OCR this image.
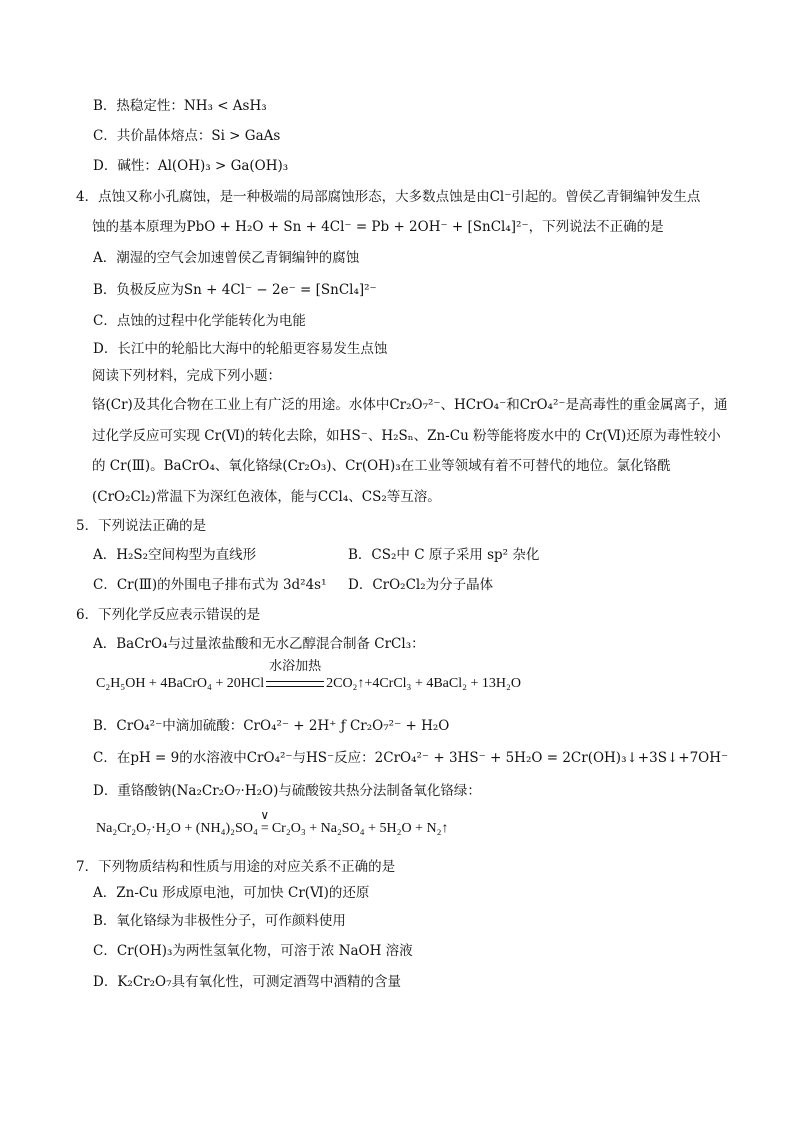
B．热稳定性：NH₃ < AsH₃
C．共价晶体熔点：Si > GaAs
D．碱性：Al(OH)₃ > Ga(OH)₃
4．点蚀又称小孔腐蚀，是一种极端的局部腐蚀形态，大多数点蚀是由Cl⁻引起的。曾侯乙青铜编钟发生点
蚀的基本原理为PbO + H₂O + Sn + 4Cl⁻ = Pb + 2OH⁻ + [SnCl₄]²⁻，下列说法不正确的是
A．潮湿的空气会加速曾侯乙青铜编钟的腐蚀
B．负极反应为Sn + 4Cl⁻ − 2e⁻ = [SnCl₄]²⁻
C．点蚀的过程中化学能转化为电能
D．长江中的轮船比大海中的轮船更容易发生点蚀
阅读下列材料，完成下列小题：
铬(Cr)及其化合物在工业上有广泛的用途。水体中Cr₂O₇²⁻、HCrO₄⁻和CrO₄²⁻是高毒性的重金属离子，通
过化学反应可实现 Cr(Ⅵ)的转化去除，如HS⁻、H₂Sₙ、Zn-Cu 粉等能将废水中的 Cr(Ⅵ)还原为毒性较小
的 Cr(Ⅲ)。BaCrO₄、氧化铬绿(Cr₂O₃)、Cr(OH)₃在工业等领域有着不可替代的地位。氯化铬酰
(CrO₂Cl₂)常温下为深红色液体，能与CCl₄、CS₂等互溶。
5．下列说法正确的是
A．H₂S₂空间构型为直线形
C．Cr(Ⅲ)的外围电子排布式为 3d²4s¹
6．下列化学反应表示错误的是
A．BaCrO₄与过量浓盐酸和无水乙醇混合制备 CrCl₃：
B．CrO₄²⁻中滴加硫酸：CrO₄²⁻ + 2H⁺ ƒ Cr₂O₇²⁻ + H₂O
C．在pH = 9的水溶液中CrO₄²⁻与HS⁻反应：2CrO₄²⁻ + 3HS⁻ + 5H₂O = 2Cr(OH)₃↓+3S↓+7OH⁻
D．重铬酸钠(Na₂Cr₂O₇·H₂O)与硫酸铵共热分法制备氧化铬绿：
7．下列物质结构和性质与用途的对应关系不正确的是
A．Zn-Cu 形成原电池，可加快 Cr(Ⅵ)的还原
B．氧化铬绿为非极性分子，可作颜料使用
C．Cr(OH)₃为两性氢氧化物，可溶于浓 NaOH 溶液
D．K₂Cr₂O₇具有氧化性，可测定酒驾中酒精的含量
B．CS₂中 C 原子采用 sp² 杂化
D．CrO₂Cl₂为分子晶体
C₂H₅OH + 4BaCrO₄ + 20HCl
水浴加热
2CO₂↑+4CrCl₃ + 4BaCl₂ + 13H₂O
Na₂Cr₂O₇·H₂O + (NH₄)₂SO₄
∨
= Cr₂O₃ + Na₂SO₄ + 5H₂O + N₂↑
